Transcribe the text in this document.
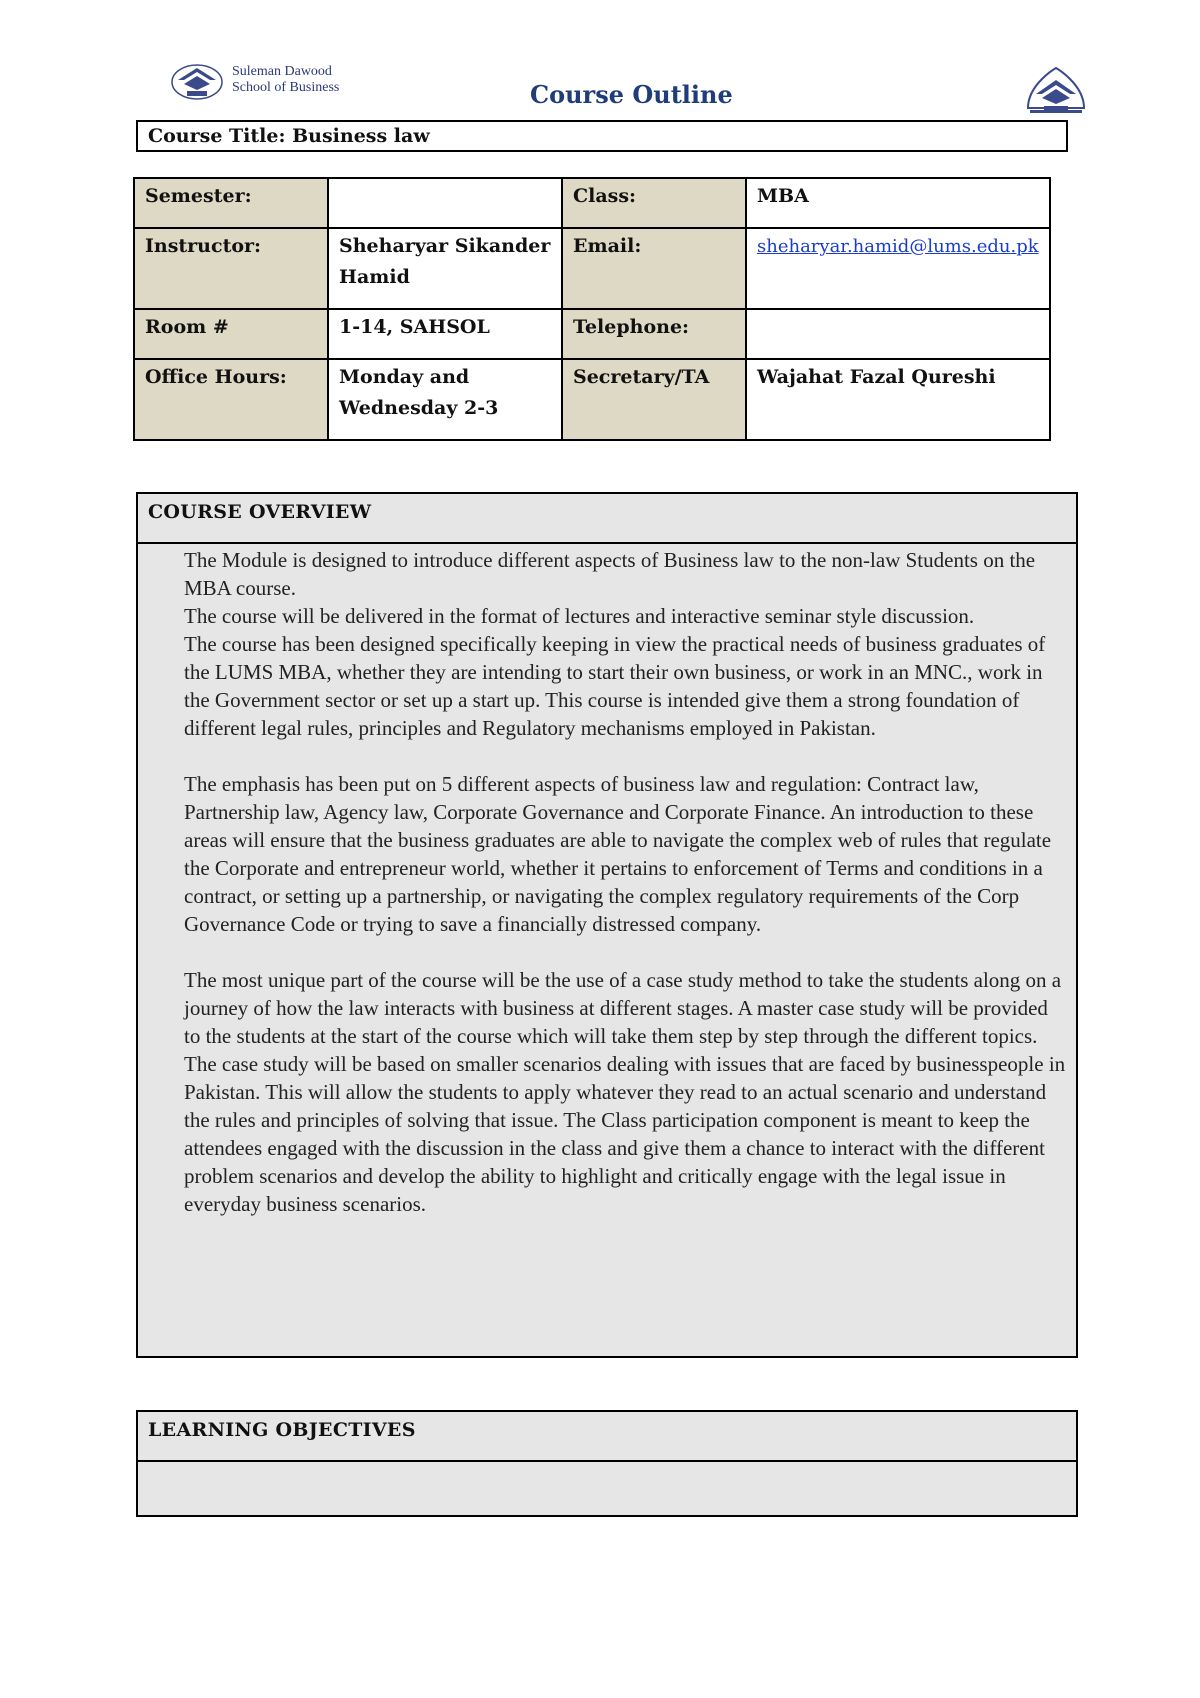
Suleman Dawood
School of Business	Course Outline
Course Title: Business law
Semester:		Class:	MBA
Instructor:	Sheharyar Sikander Hamid	Email:	sheharyar.hamid@lums.edu.pk
Room #	1-14, SAHSOL	Telephone:	
Office Hours:	Monday and Wednesday 2-3	Secretary/TA	Wajahat Fazal Qureshi
COURSE OVERVIEW

The Module is designed to introduce different aspects of Business law to the non-law Students on the MBA course.

The course will be delivered in the format of lectures and interactive seminar style discussion.

The course has been designed specifically keeping in view the practical needs of business graduates of the LUMS MBA, whether they are intending to start their own business, or work in an MNC., work in the Government sector or set up a start up. This course is intended give them a strong foundation of different legal rules, principles and Regulatory mechanisms employed in Pakistan.

The emphasis has been put on 5 different aspects of business law and regulation: Contract law, Partnership law, Agency law, Corporate Governance and Corporate Finance. An introduction to these areas will ensure that the business graduates are able to navigate the complex web of rules that regulate the Corporate and entrepreneur world, whether it pertains to enforcement of Terms and conditions in a contract, or setting up a partnership, or navigating the complex regulatory requirements of the Corp Governance Code or trying to save a financially distressed company.

The most unique part of the course will be the use of a case study method to take the students along on a journey of how the law interacts with business at different stages. A master case study will be provided to the students at the start of the course which will take them step by step through the different topics. The case study will be based on smaller scenarios dealing with issues that are faced by businesspeople in Pakistan. This will allow the students to apply whatever they read to an actual scenario and understand the rules and principles of solving that issue. The Class participation component is meant to keep the attendees engaged with the discussion in the class and give them a chance to interact with the different problem scenarios and develop the ability to highlight and critically engage with the legal issue in everyday business scenarios.

LEARNING OBJECTIVES
